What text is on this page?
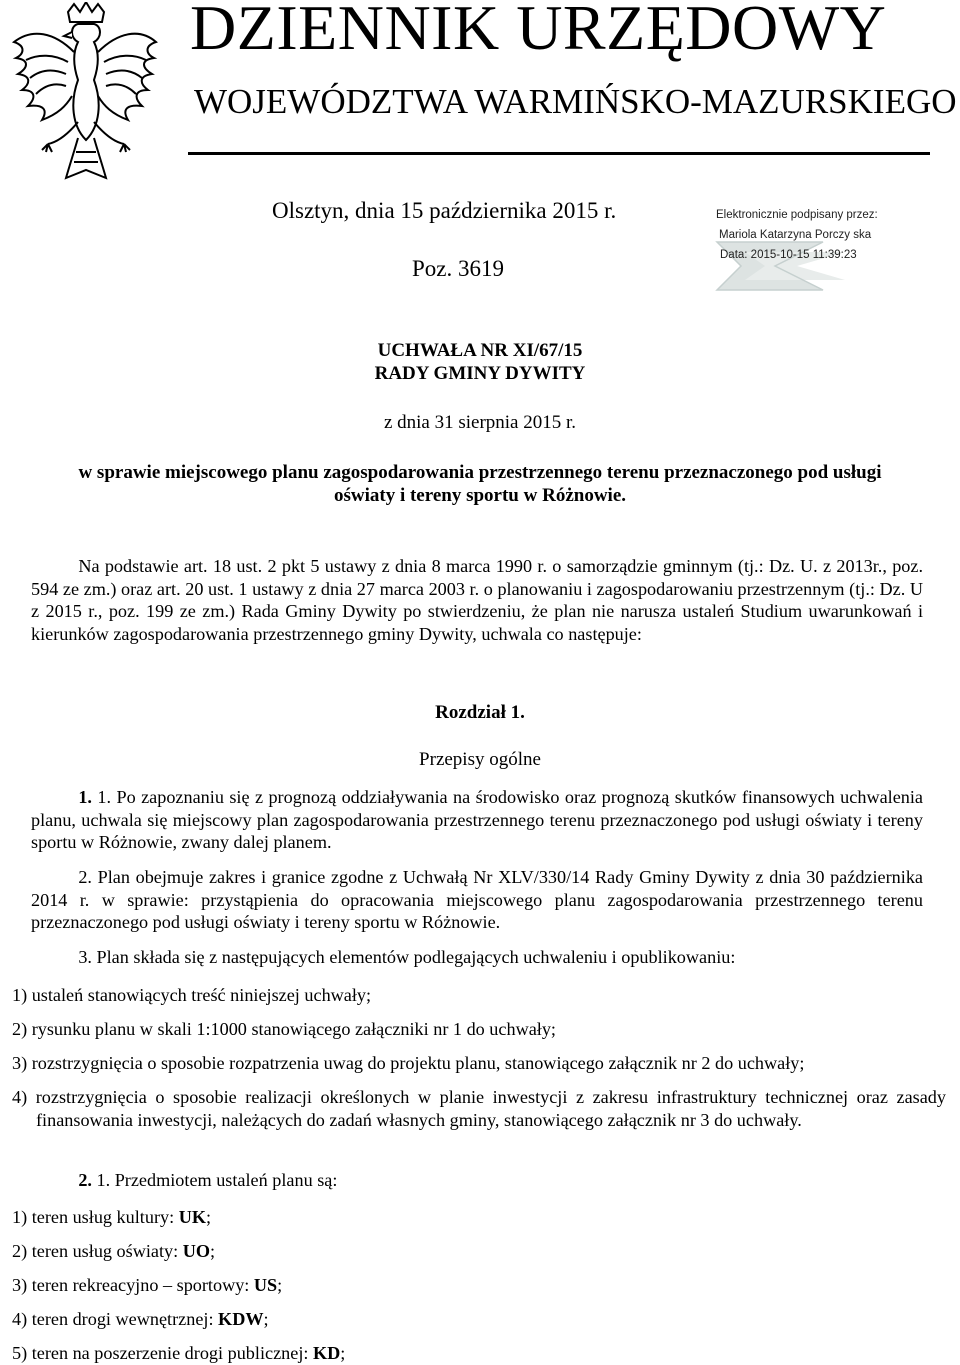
DZIENNIK URZĘDOWY
WOJEWÓDZTWA WARMIŃSKO-MAZURSKIEGO
Olsztyn, dnia 15 października 2015 r.
Poz. 3619
Elektronicznie podpisany przez:
Mariola Katarzyna Porczy ska
Data: 2015-10-15 11:39:23
UCHWAŁA NR XI/67/15
RADY GMINY DYWITY
z dnia 31 sierpnia 2015 r.
w sprawie miejscowego planu zagospodarowania przestrzennego terenu przeznaczonego pod usługi
oświaty i tereny sportu w Różnowie.
Na podstawie art. 18 ust. 2 pkt 5 ustawy z dnia 8 marca 1990 r. o samorządzie gminnym (tj.: Dz. U. z 2013r., poz. 594 ze zm.) oraz art. 20 ust. 1 ustawy z dnia 27 marca 2003 r. o planowaniu i zagospodarowaniu przestrzennym (tj.: Dz. U z 2015 r., poz. 199 ze zm.) Rada Gminy Dywity po stwierdzeniu, że plan nie narusza ustaleń Studium uwarunkowań i kierunków zagospodarowania przestrzennego gminy Dywity, uchwala co następuje:
Rozdział 1.
Przepisy ogólne
1. 1. Po zapoznaniu się z prognozą oddziaływania na środowisko oraz prognozą skutków finansowych uchwalenia planu, uchwala się miejscowy plan zagospodarowania przestrzennego terenu przeznaczonego pod usługi oświaty i tereny sportu w Różnowie, zwany dalej planem.
2. Plan obejmuje zakres i granice zgodne z Uchwałą Nr XLV/330/14 Rady Gminy Dywity z dnia 30 października 2014 r. w sprawie: przystąpienia do opracowania miejscowego planu zagospodarowania przestrzennego terenu przeznaczonego pod usługi oświaty i tereny sportu w Różnowie.
3. Plan składa się z następujących elementów podlegających uchwaleniu i opublikowaniu:
1) ustaleń stanowiących treść niniejszej uchwały;
2) rysunku planu w skali 1:1000 stanowiącego załączniki nr 1 do uchwały;
3) rozstrzygnięcia o sposobie rozpatrzenia uwag do projektu planu, stanowiącego załącznik nr 2 do uchwały;
4) rozstrzygnięcia o sposobie realizacji określonych w planie inwestycji z zakresu infrastruktury technicznej oraz zasady finansowania inwestycji, należących do zadań własnych gminy, stanowiącego załącznik nr 3 do uchwały.
2. 1. Przedmiotem ustaleń planu są:
1) teren usług kultury: UK;
2) teren usług oświaty: UO;
3) teren rekreacyjno – sportowy: US;
4) teren drogi wewnętrznej: KDW;
5) teren na poszerzenie drogi publicznej: KD;
